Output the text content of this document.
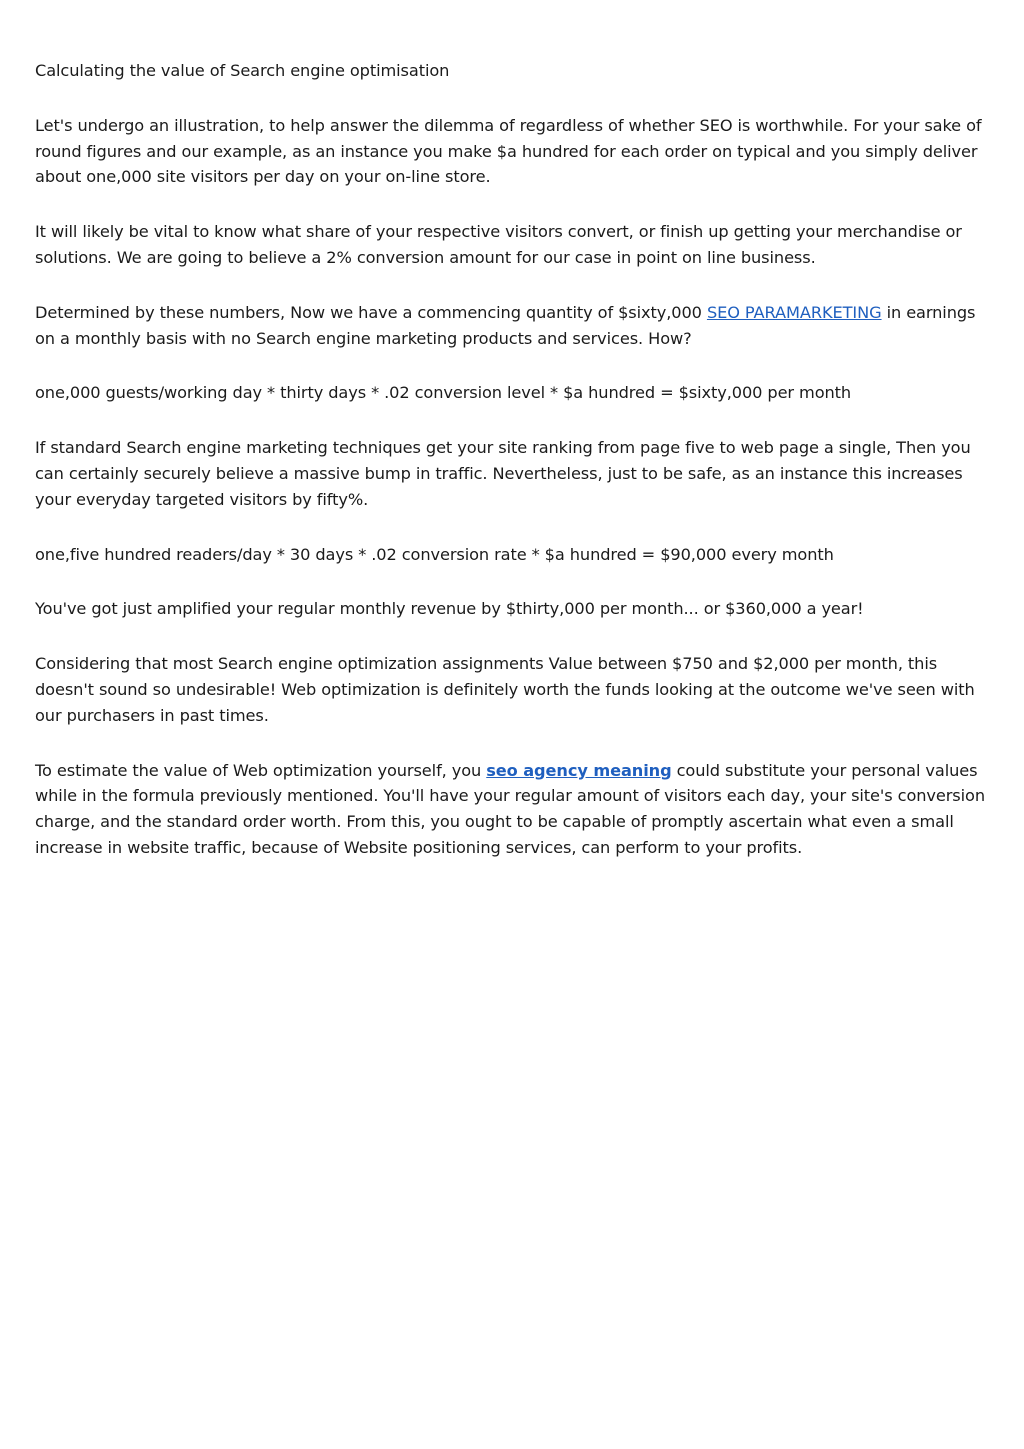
Calculating the value of Search engine optimisation

Let's undergo an illustration, to help answer the dilemma of regardless of whether SEO is worthwhile. For your sake of round figures and our example, as an instance you make $a hundred for each order on typical and you simply deliver about one,000 site visitors per day on your on-line store.

It will likely be vital to know what share of your respective visitors convert, or finish up getting your merchandise or solutions. We are going to believe a 2% conversion amount for our case in point on line business.

Determined by these numbers, Now we have a commencing quantity of $sixty,000 SEO PARAMARKETING in earnings on a monthly basis with no Search engine marketing products and services. How?

one,000 guests/working day * thirty days * .02 conversion level * $a hundred = $sixty,000 per month

If standard Search engine marketing techniques get your site ranking from page five to web page a single, Then you can certainly securely believe a massive bump in traffic. Nevertheless, just to be safe, as an instance this increases your everyday targeted visitors by fifty%.

one,five hundred readers/day * 30 days * .02 conversion rate * $a hundred = $90,000 every month

You've got just amplified your regular monthly revenue by $thirty,000 per month... or $360,000 a year!

Considering that most Search engine optimization assignments Value between $750 and $2,000 per month, this doesn't sound so undesirable! Web optimization is definitely worth the funds looking at the outcome we've seen with our purchasers in past times.

To estimate the value of Web optimization yourself, you seo agency meaning could substitute your personal values while in the formula previously mentioned. You'll have your regular amount of visitors each day, your site's conversion charge, and the standard order worth. From this, you ought to be capable of promptly ascertain what even a small increase in website traffic, because of Website positioning services, can perform to your profits.
